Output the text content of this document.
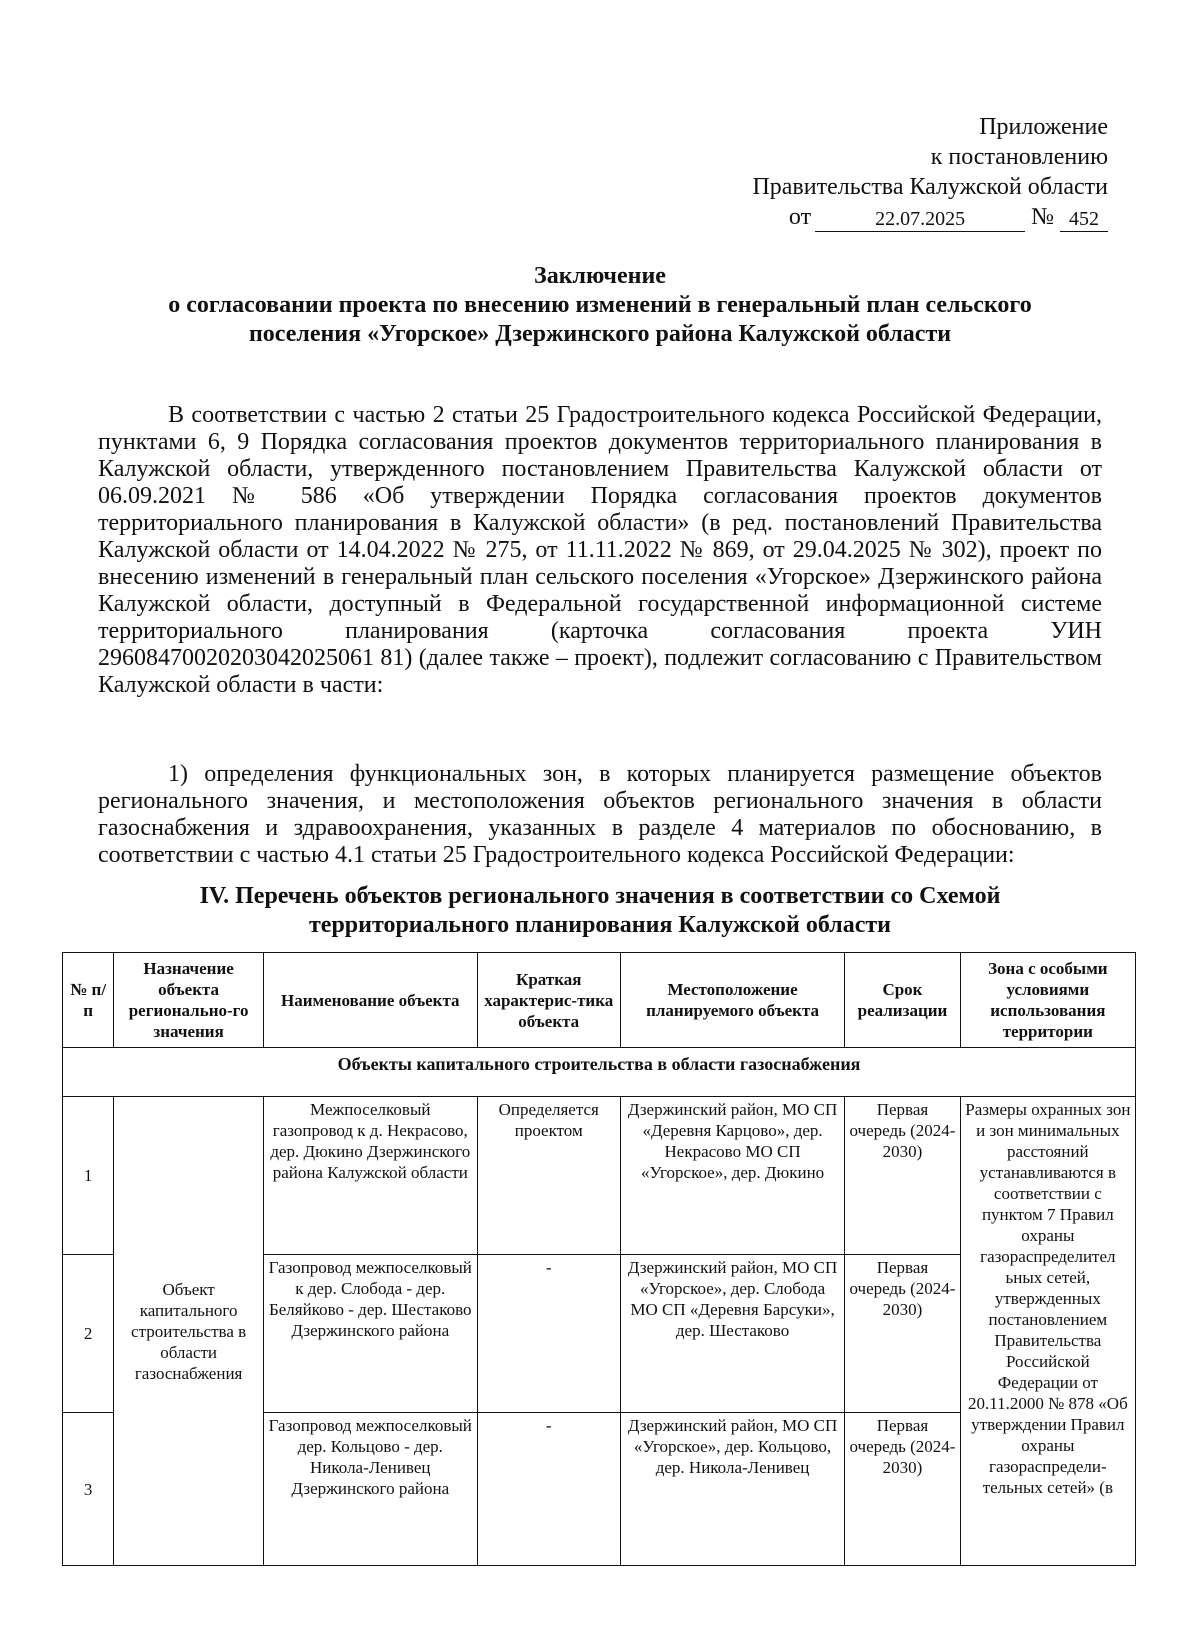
Приложение
к постановлению
Правительства Калужской области
от	22.07.2025	№ 452
Заключение
о согласовании проекта по внесению изменений в генеральный план сельского
поселения «Угорское» Дзержинского района Калужской области

В соответствии с частью 2 статьи 25 Градостроительного кодекса Российской Федерации, пунктами 6, 9 Порядка согласования проектов документов территориального планирования в Калужской области, утвержденного постановлением Правительства Калужской области от 06.09.2021 № 586 «Об утверждении Порядка согласования проектов документов территориального планирования в Калужской области» (в ред. постановлений Правительства Калужской области от 14.04.2022 № 275, от 11.11.2022 № 869, от 29.04.2025 № 302), проект по внесению изменений в генеральный план сельского поселения «Угорское» Дзержинского района Калужской области, доступный в Федеральной государственной информационной системе территориального планирования (карточка согласования проекта УИН 29608470020203042025061 81) (далее также – проект), подлежит согласованию с Правительством Калужской области в части:

1) определения функциональных зон, в которых планируется размещение объектов регионального значения, и местоположения объектов регионального значения в области газоснабжения и здравоохранения, указанных в разделе 4 материалов по обоснованию, в соответствии с частью 4.1 статьи 25 Градостроительного кодекса Российской Федерации:

IV. Перечень объектов регионального значения в соответствии со Схемой
территориального планирования Калужской области
№ п/п	Назначение объекта регионально-го значения	Наименование объекта	Краткая характерис-тика объекта	Местоположение планируемого объекта	Срок реализации	Зона с особыми условиями использования территории
Объекты капитального строительства в области газоснабжения						
1	Объект капитального строительства в области газоснабжения	Межпоселковый газопровод к д. Некрасово, дер. Дюкино Дзержинского района Калужской области	Определяется проектом	Дзержинский район, МО СП «Деревня Карцово», дер. Некрасово МО СП «Угорское», дер. Дюкино	Первая очередь (2024-2030)	Размеры охранных зон и зон минимальных расстояний устанавливаются в соответствии с пунктом 7 Правил охраны газораспределител ьных сетей, утвержденных постановлением Правительства Российской Федерации от 20.11.2000 № 878 «Об утверждении Правил охраны газораспредели-тельных сетей» (в
2		Газопровод межпоселковый к дер. Слобода - дер. Беляйково - дер. Шестаково Дзержинского района	-	Дзержинский район, МО СП «Угорское», дер. Слобода МО СП «Деревня Барсуки», дер. Шестаково	Первая очередь (2024-2030)	
3		Газопровод межпоселковый дер. Кольцово - дер. Никола-Ленивец Дзержинского района	-	Дзержинский район, МО СП «Угорское», дер. Кольцово, дер. Никола-Ленивец	Первая очередь (2024-2030)	
